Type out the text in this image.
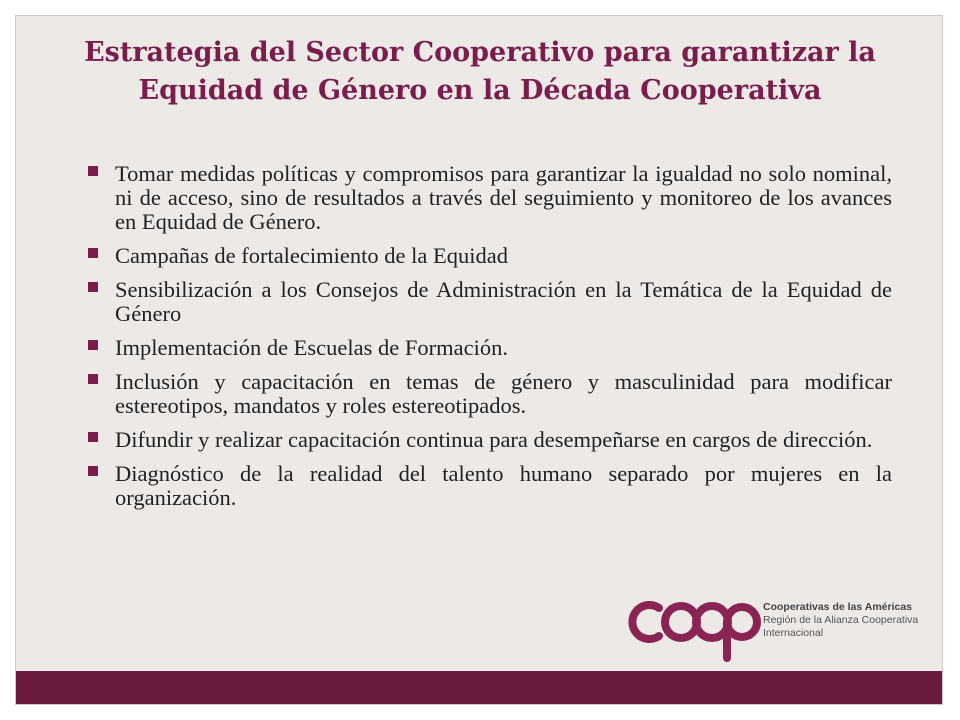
Estrategia del Sector Cooperativo para garantizar la
Equidad de Género en la Década Cooperativa
Tomar medidas políticas y compromisos para garantizar la igualdad no solo nominal, ni de acceso, sino de resultados a través del seguimiento y monitoreo de los avances en Equidad de Género.
Campañas de fortalecimiento de la Equidad
Sensibilización a los Consejos de Administración en la Temática de la Equidad de Género
Implementación de Escuelas de Formación.
Inclusión y capacitación en temas de género y masculinidad para modificar estereotipos, mandatos y roles estereotipados.
Difundir y realizar capacitación continua para desempeñarse en cargos de dirección.
Diagnóstico de la realidad del talento humano separado por mujeres en la organización.
Cooperativas de las Américas
Región de la Alianza Cooperativa
Internacional
